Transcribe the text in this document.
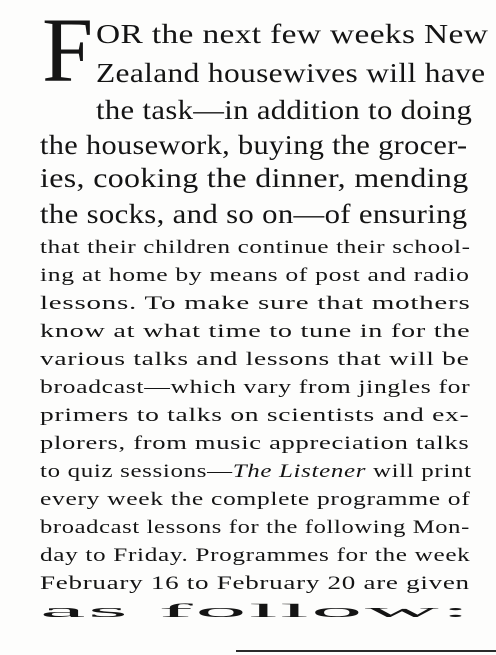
F OR the next few weeks New
Zealand housewives will have
the task—in addition to doing
the housework, buying the grocer-
ies, cooking the dinner, mending
the socks, and so on—of ensuring
that their children continue their school-
ing at home by means of post and radio
lessons. To make sure that mothers
know at what time to tune in for the
various talks and lessons that will be
broadcast—which vary from jingles for
primers to talks on scientists and ex-
plorers, from music appreciation talks
to quiz sessions—The Listener will print
every week the complete programme of
broadcast lessons for the following Mon-
day to Friday. Programmes for the week
February 16 to February 20 are given
as follow:
